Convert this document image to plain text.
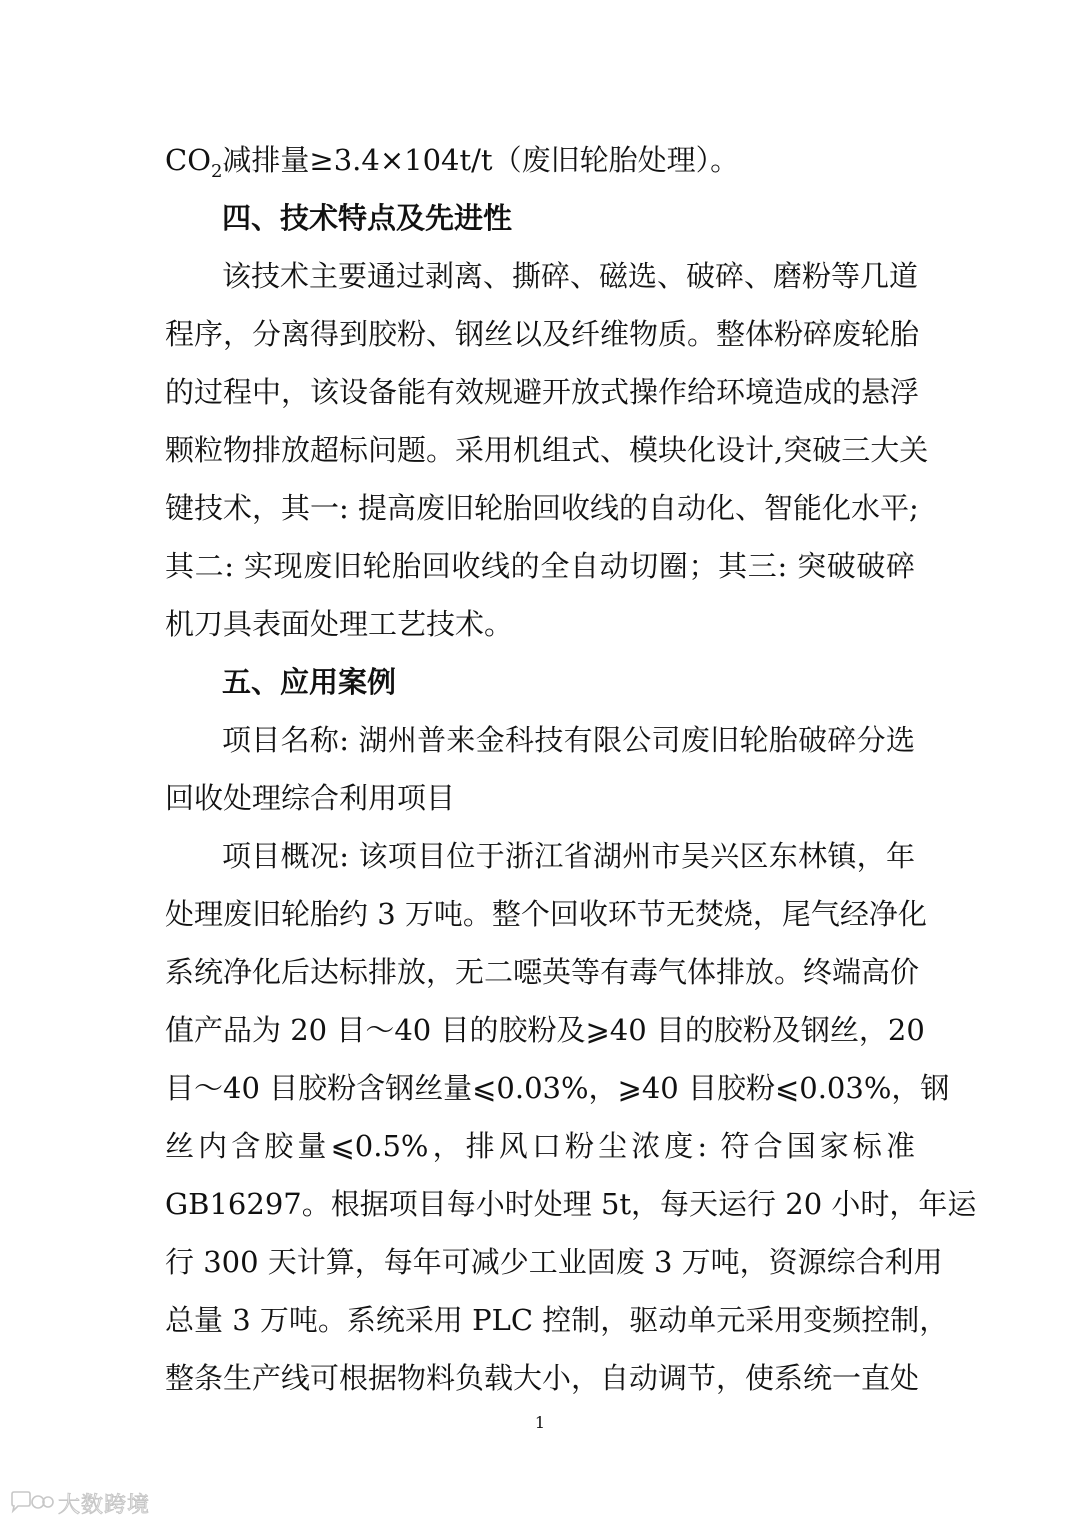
$CO_2$减排量≥3.4×104t/t（废旧轮胎处理）。
四、技术特点及先进性
该技术主要通过剥离、撕碎、磁选、破碎、磨粉等几道
程序，分离得到胶粉、钢丝以及纤维物质。整体粉碎废轮胎
的过程中，该设备能有效规避开放式操作给环境造成的悬浮
颗粒物排放超标问题。采用机组式、模块化设计,突破三大关
键技术，其一: 提高废旧轮胎回收线的自动化、智能化水平;
其二: 实现废旧轮胎回收线的全自动切圈；其三: 突破破碎
机刀具表面处理工艺技术。
五、应用案例
项目名称: 湖州普来金科技有限公司废旧轮胎破碎分选
回收处理综合利用项目
项目概况: 该项目位于浙江省湖州市吴兴区东林镇，年
处理废旧轮胎约 3 万吨。整个回收环节无焚烧，尾气经净化
系统净化后达标排放，无二噁英等有毒气体排放。终端高价
值产品为 20 目～40 目的胶粉及⩾40 目的胶粉及钢丝，20
目～40 目胶粉含钢丝量⩽0.03%，⩾40 目胶粉⩽0.03%，钢
丝内含胶量⩽0.5%，排风口粉尘浓度: 符合国家标准
GB16297。根据项目每小时处理 5t，每天运行 20 小时，年运
行 300 天计算，每年可减少工业固废 3 万吨，资源综合利用
总量 3 万吨。系统采用 PLC 控制，驱动单元采用变频控制，
整条生产线可根据物料负载大小，自动调节，使系统一直处
1
大数跨境
